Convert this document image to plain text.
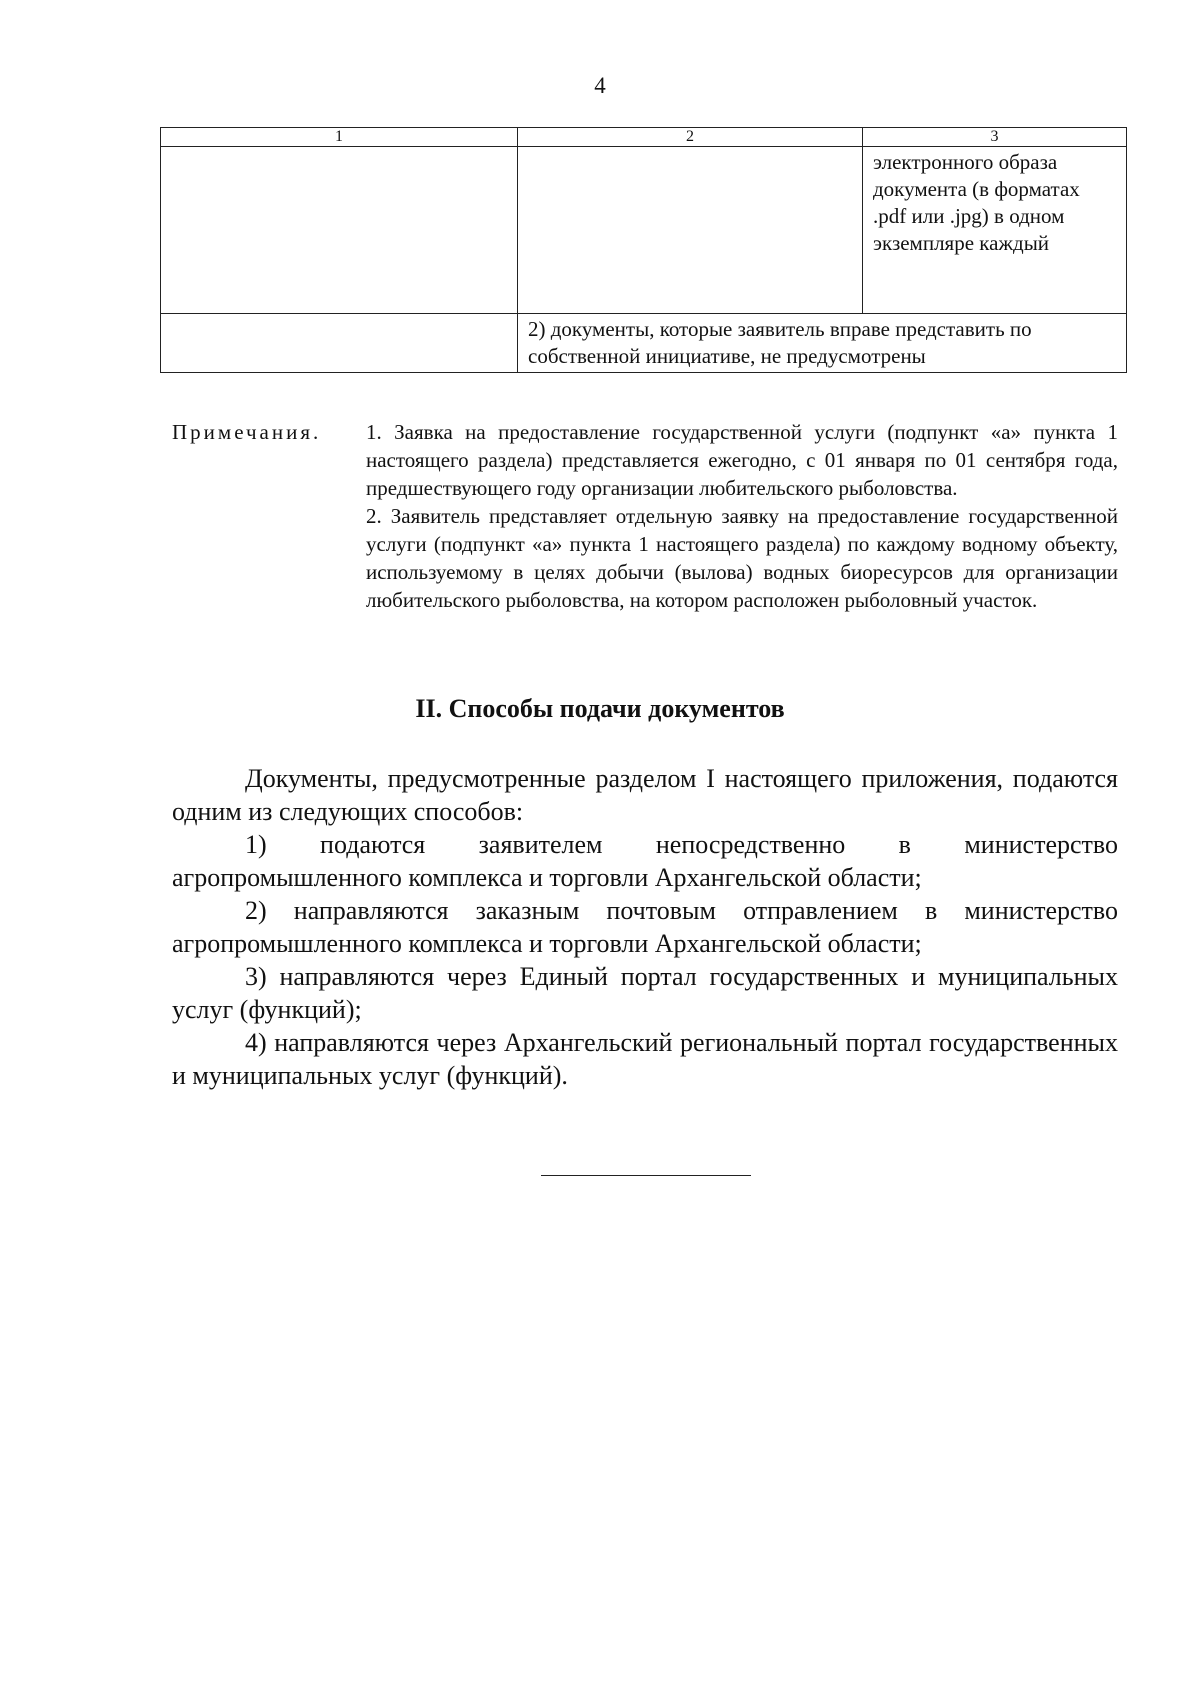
4
1	2	3
		электронного образа документа (в форматах .pdf или .jpg) в одном экземпляре каждый
	2) документы, которые заявитель вправе представить по собственной инициативе, не предусмотрены	
Примечания.	1. Заявка на предоставление государственной услуги (подпункт «а» пункта 1 настоящего раздела) представляется ежегодно, с 01 января по 01 сентября года, предшествующего году организации любительского рыболовства.

2. Заявитель представляет отдельную заявку на предоставление государственной услуги (подпункт «а» пункта 1 настоящего раздела) по каждому водному объекту, используемому в целях добычи (вылова) водных биоресурсов для организации любительского рыболовства, на котором расположен рыболовный участок.

II. Способы подачи документов

Документы, предусмотренные разделом I настоящего приложения, подаются одним из следующих способов:

1) подаются заявителем непосредственно в министерство агропромышленного комплекса и торговли Архангельской области;

2) направляются заказным почтовым отправлением в министерство агропромышленного комплекса и торговли Архангельской области;

3) направляются через Единый портал государственных и муниципальных услуг (функций);

4) направляются через Архангельский региональный портал государственных и муниципальных услуг (функций).
